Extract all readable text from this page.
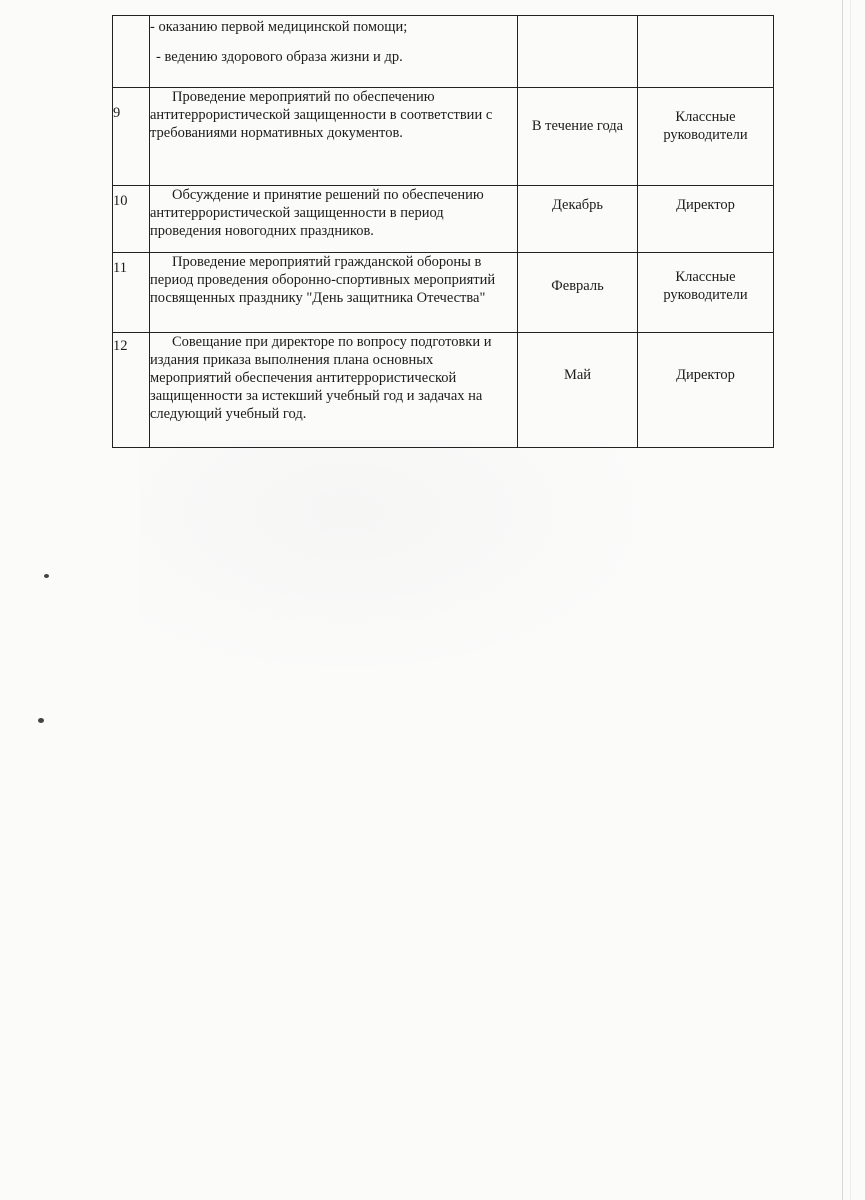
	- оказанию первой медицинской помощи;

- ведению здорового образа жизни и др.		

9	Проведение мероприятий по обеспечению антитеррористической защищенности в соответствии с требованиями нормативных документов.	В течение года	Классные руководители
10	Обсуждение и принятие решений по обеспечению антитеррористической защищенности в период проведения новогодних праздников.	Декабрь	Директор
11	Проведение мероприятий гражданской обороны в период проведения оборонно-спортивных мероприятий посвященных празднику "День защитника Отечества"	Февраль	Классные руководители
12	Совещание при директоре по вопросу подготовки и издания приказа выполнения плана основных мероприятий обеспечения антитеррористической защищенности за истекший учебный год и задачах на следующий учебный год.	Май	Директор
